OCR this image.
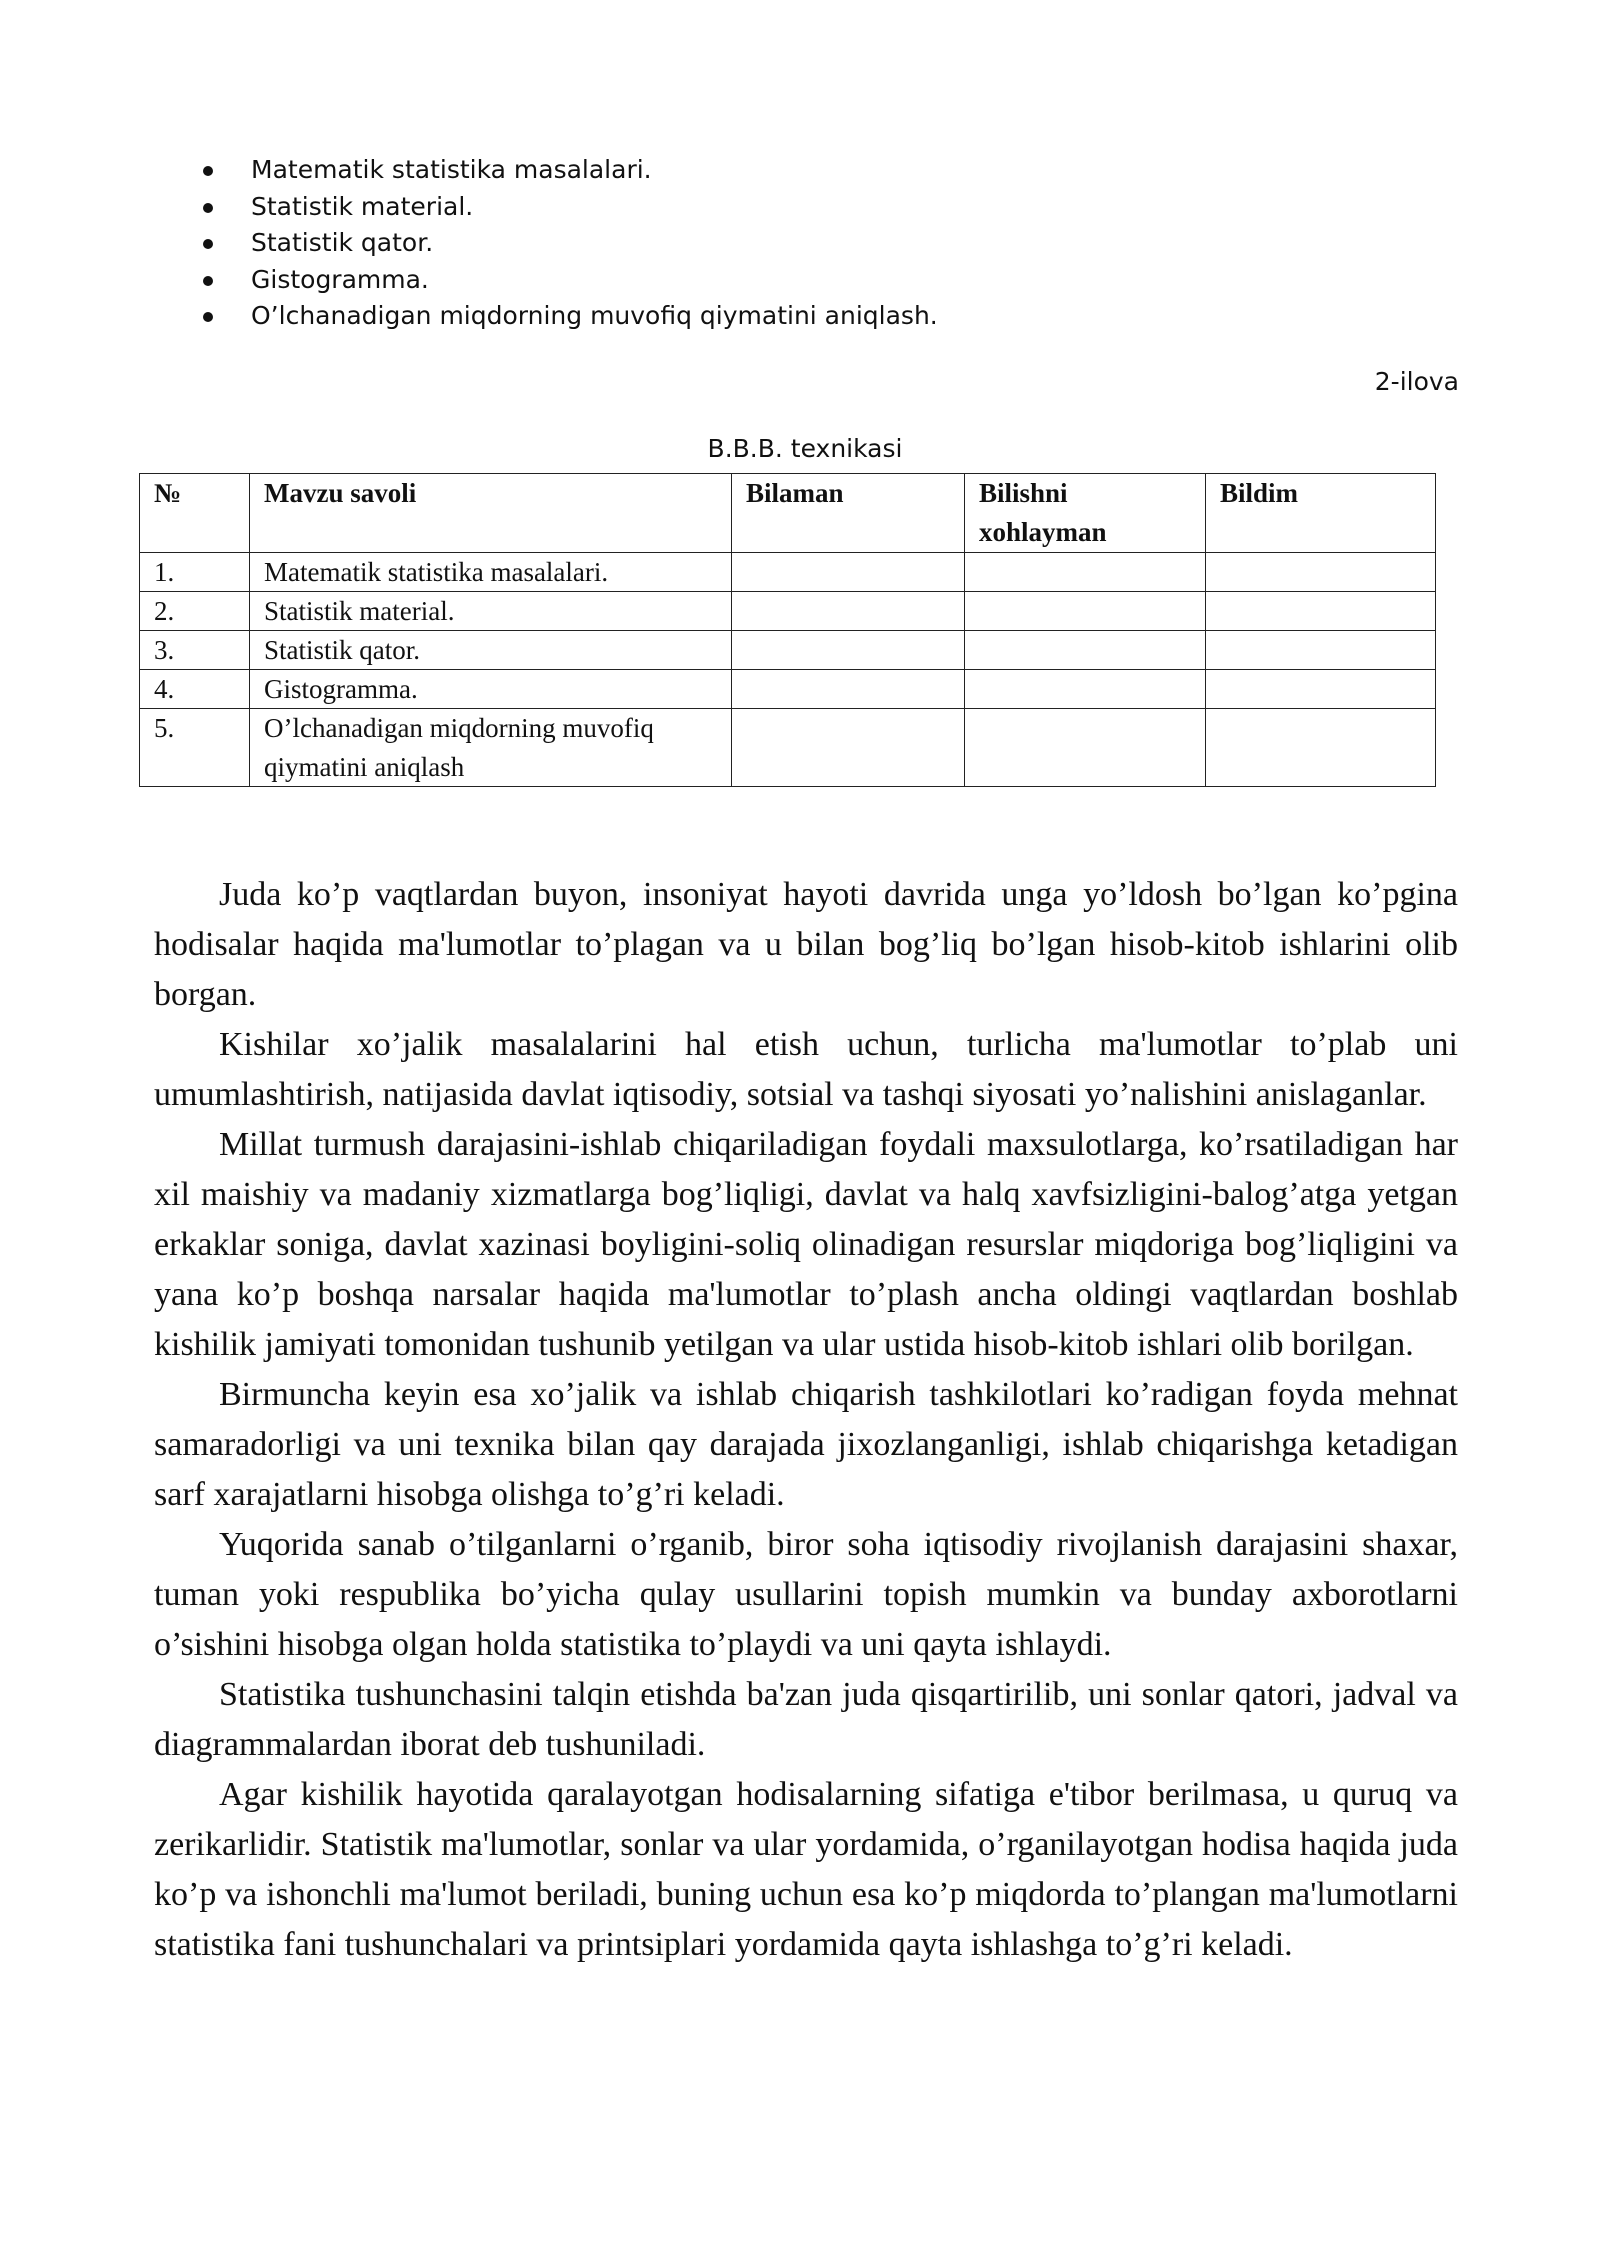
Matematik statistika masalalari.
Statistik material.
Statistik qator.
Gistogramma.
O’lchanadigan miqdorning muvofiq qiymatini aniqlash.
2-ilova
B.B.B. texnikasi
№	Mavzu savoli	Bilaman	Bilishni xohlayman	Bildim
1.	Matematik statistika masalalari.			
2.	Statistik material.			
3.	Statistik qator.			
4.	Gistogramma.			
5.	O’lchanadigan miqdorning muvofiq qiymatini aniqlash			

Juda ko’p vaqtlardan buyon, insoniyat hayoti davrida unga yo’ldosh bo’lgan ko’pgina hodisalar haqida ma'lumotlar to’plagan va u bilan bog’liq bo’lgan hisob-kitob ishlarini olib borgan.

Kishilar xo’jalik masalalarini hal etish uchun, turlicha ma'lumotlar to’plab uni umumlashtirish, natijasida davlat iqtisodiy, sotsial va tashqi siyosati yo’nalishini anislaganlar.

Millat turmush darajasini-ishlab chiqariladigan foydali maxsulotlarga, ko’rsatiladigan har xil maishiy va madaniy xizmatlarga bog’liqligi, davlat va halq xavfsizligini-balog’atga yetgan erkaklar soniga, davlat xazinasi boyligini-soliq olinadigan resurslar miqdoriga bog’liqligini va yana ko’p boshqa narsalar haqida ma'lumotlar to’plash ancha oldingi vaqtlardan boshlab kishilik jamiyati tomonidan tushunib yetilgan va ular ustida hisob-kitob ishlari olib borilgan.

Birmuncha keyin esa xo’jalik va ishlab chiqarish tashkilotlari ko’radigan foyda mehnat samaradorligi va uni texnika bilan qay darajada jixozlanganligi, ishlab chiqarishga ketadigan sarf xarajatlarni hisobga olishga to’g’ri keladi.

Yuqorida sanab o’tilganlarni o’rganib, biror soha iqtisodiy rivojlanish darajasini shaxar, tuman yoki respublika bo’yicha qulay usullarini topish mumkin va bunday axborotlarni o’sishini hisobga olgan holda statistika to’playdi va uni qayta ishlaydi.

Statistika tushunchasini talqin etishda ba'zan juda qisqartirilib, uni sonlar qatori, jadval va diagrammalardan iborat deb tushuniladi.

Agar kishilik hayotida qaralayotgan hodisalarning sifatiga e'tibor berilmasa, u quruq va zerikarlidir. Statistik ma'lumotlar, sonlar va ular yordamida, o’rganilayotgan hodisa haqida juda ko’p va ishonchli ma'lumot beriladi, buning uchun esa ko’p miqdorda to’plangan ma'lumotlarni statistika fani tushunchalari va printsiplari yordamida qayta ishlashga to’g’ri keladi.
